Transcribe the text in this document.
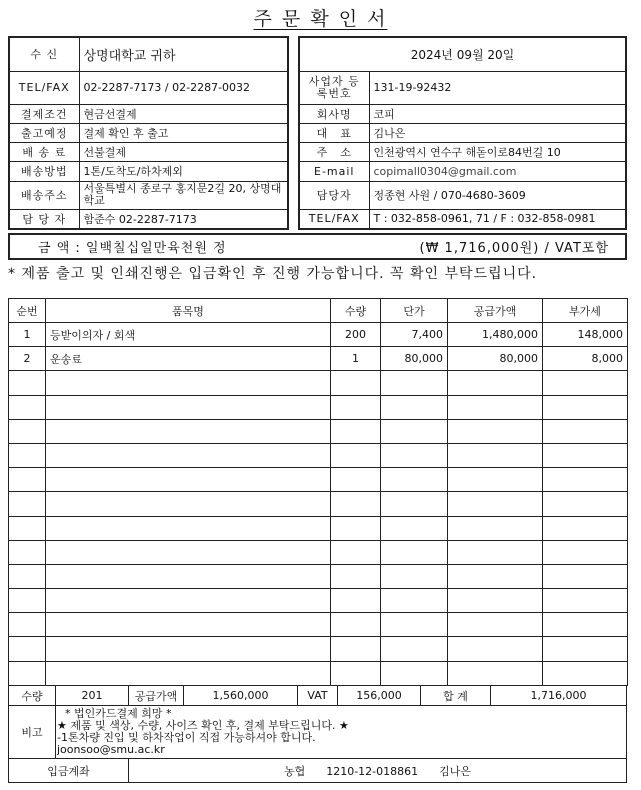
주 문 확 인 서
수 신	상명대학교 귀하
TEL/FAX	02-2287-7173 / 02-2287-0032
결제조건	현금선결제
출고예정	결제 확인 후 출고
배 송 료	선불결제
배송방법	1톤/도착도/하차제외
배송주소	서울특별시 종로구 홍지문2길 20, 상명대학교
담 당 자	함준수 02-2287-7173
2024년 09월 20일	
사업자 등록번호	131-19-92432
회사명	코피
대　표	김나은
주　소	인천광역시 연수구 해돋이로84번길 10
E-mail	copimall0304@gmail.com
담당자	정종현 사원 / 070-4680-3609
TEL/FAX	T : 032-858-0961, 71 / F : 032-858-0981
금 액 : 일백칠십일만육천원 정	(₩ 1,716,000원) / VAT포함
* 제품 출고 및 인쇄진행은 입금확인 후 진행 가능합니다. 꼭 확인 부탁드립니다.
순번	품목명	수량	단가	공급가액	부가세
1	등받이의자 / 회색	200	7,400	1,480,000	148,000
2	운송료	1	80,000	80,000	8,000

수량	201	공급가액	1,560,000	VAT	156,000	합 계	1,716,000
비고	* 법인카드결제 희망 *
★ 제품 및 색상, 수량, 사이즈 확인 후, 결제 부탁드립니다. ★
-1톤차량 진입 및 하차작업이 직접 가능하셔야 합니다.
joonsoo@smu.ac.kr						

입금계좌		농협 1210-12-018861 김나은					
